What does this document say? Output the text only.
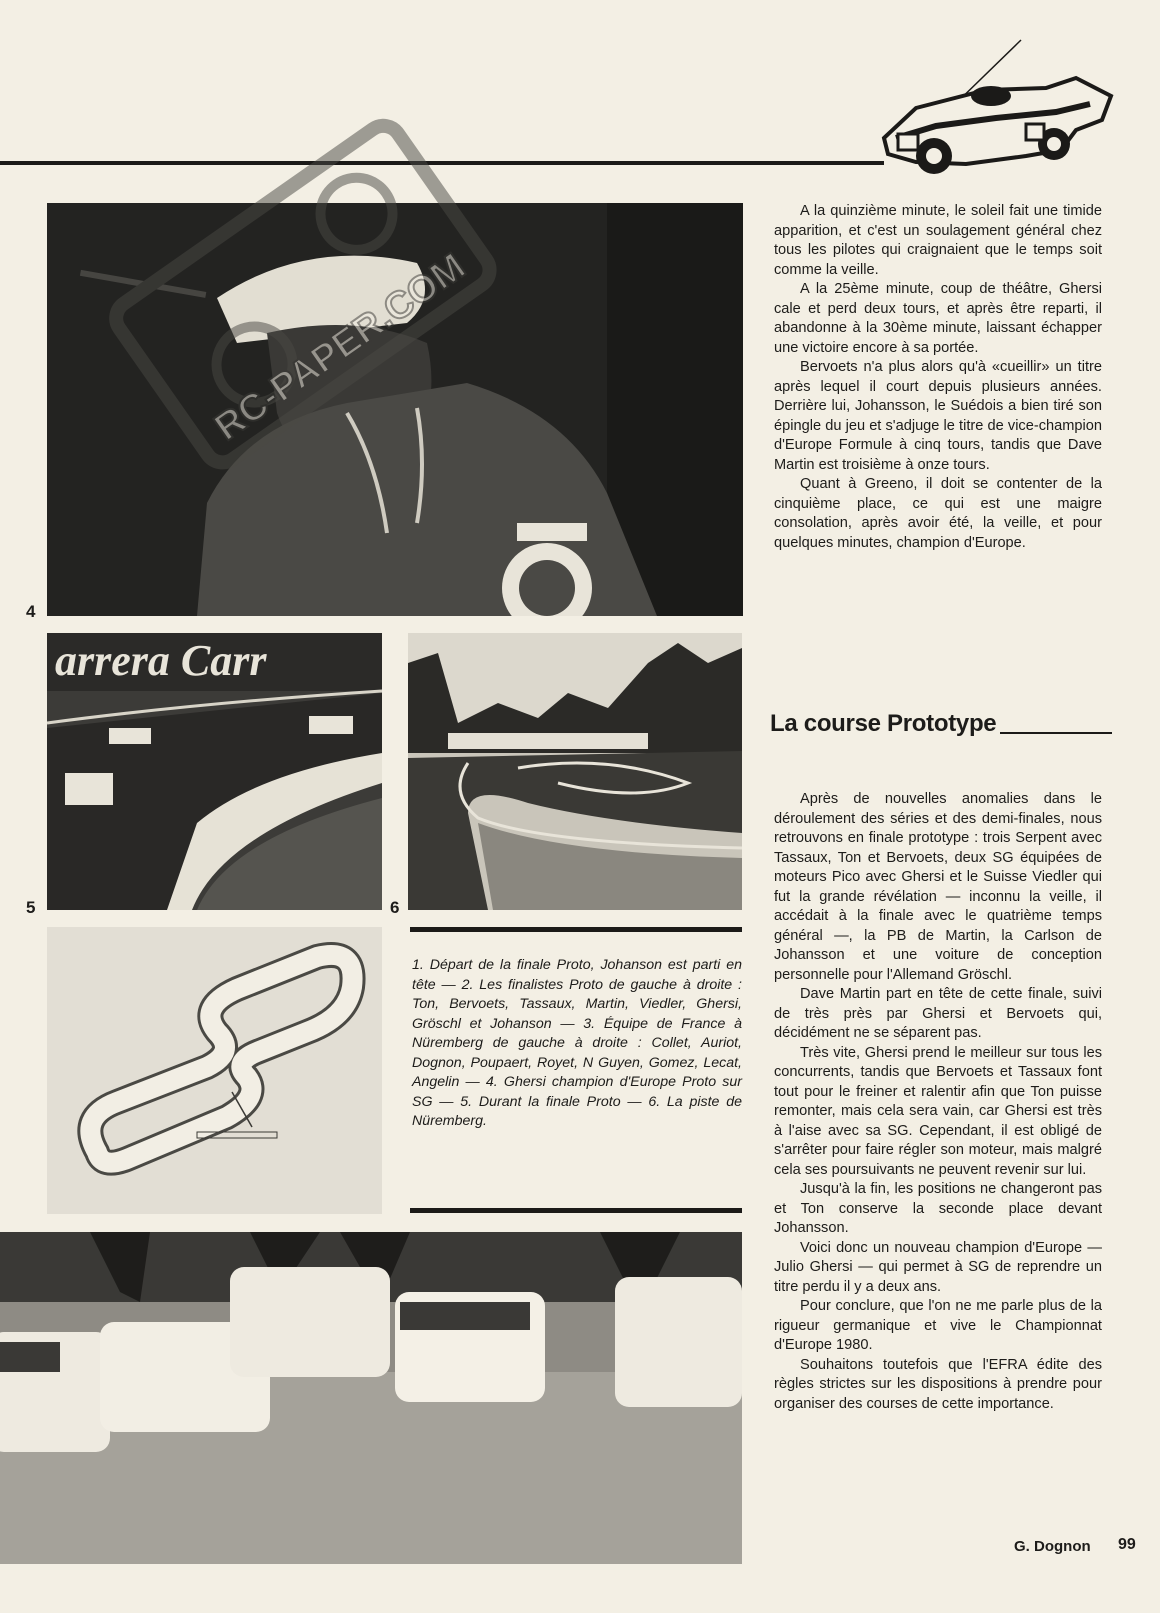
4
arrera Carr
5	6
1. Départ de la finale Proto, Johanson est parti en tête — 2. Les finalistes Proto de gauche à droite : Ton, Bervoets, Tassaux, Martin, Viedler, Ghersi, Gröschl et Johanson — 3. Équipe de France à Nüremberg de gauche à droite : Collet, Auriot, Dognon, Poupaert, Royet, N Guyen, Gomez, Lecat, Angelin — 4. Ghersi champion d'Europe Proto sur SG — 5. Durant la finale Proto — 6. La piste de Nüremberg.

A la quinzième minute, le soleil fait une timide apparition, et c'est un soulagement général chez tous les pilotes qui craignaient que le temps soit comme la veille.

A la 25ème minute, coup de théâtre, Ghersi cale et perd deux tours, et après être reparti, il abandonne à la 30ème minute, laissant échapper une victoire encore à sa portée.

Bervoets n'a plus alors qu'à «cueillir» un titre après lequel il court depuis plusieurs années. Derrière lui, Johansson, le Suédois a bien tiré son épingle du jeu et s'adjuge le titre de vice-champion d'Europe Formule à cinq tours, tandis que Dave Martin est troisième à onze tours.

Quant à Greeno, il doit se contenter de la cinquième place, ce qui est une maigre consolation, après avoir été, la veille, et pour quelques minutes, champion d'Europe.

La course Prototype

Après de nouvelles anomalies dans le déroulement des séries et des demi-finales, nous retrouvons en finale prototype : trois Serpent avec Tassaux, Ton et Bervoets, deux SG équipées de moteurs Pico avec Ghersi et le Suisse Viedler qui fut la grande révélation — inconnu la veille, il accédait à la finale avec le quatrième temps général —, la PB de Martin, la Carlson de Johansson et une voiture de conception personnelle pour l'Allemand Gröschl.

Dave Martin part en tête de cette finale, suivi de très près par Ghersi et Bervoets qui, décidément ne se séparent pas.

Très vite, Ghersi prend le meilleur sur tous les concurrents, tandis que Bervoets et Tassaux font tout pour le freiner et ralentir afin que Ton puisse remonter, mais cela sera vain, car Ghersi est très à l'aise avec sa SG. Cependant, il est obligé de s'arrêter pour faire régler son moteur, mais malgré cela ses poursuivants ne peuvent revenir sur lui.

Jusqu'à la fin, les positions ne changeront pas et Ton conserve la seconde place devant Johansson.

Voici donc un nouveau champion d'Europe — Julio Ghersi — qui permet à SG de reprendre un titre perdu il y a deux ans.

Pour conclure, que l'on ne me parle plus de la rigueur germanique et vive le Championnat d'Europe 1980.

Souhaitons toutefois que l'EFRA édite des règles strictes sur les dispositions à prendre pour organiser des courses de cette importance.

G. Dognon 99
RC-PAPER.COM
